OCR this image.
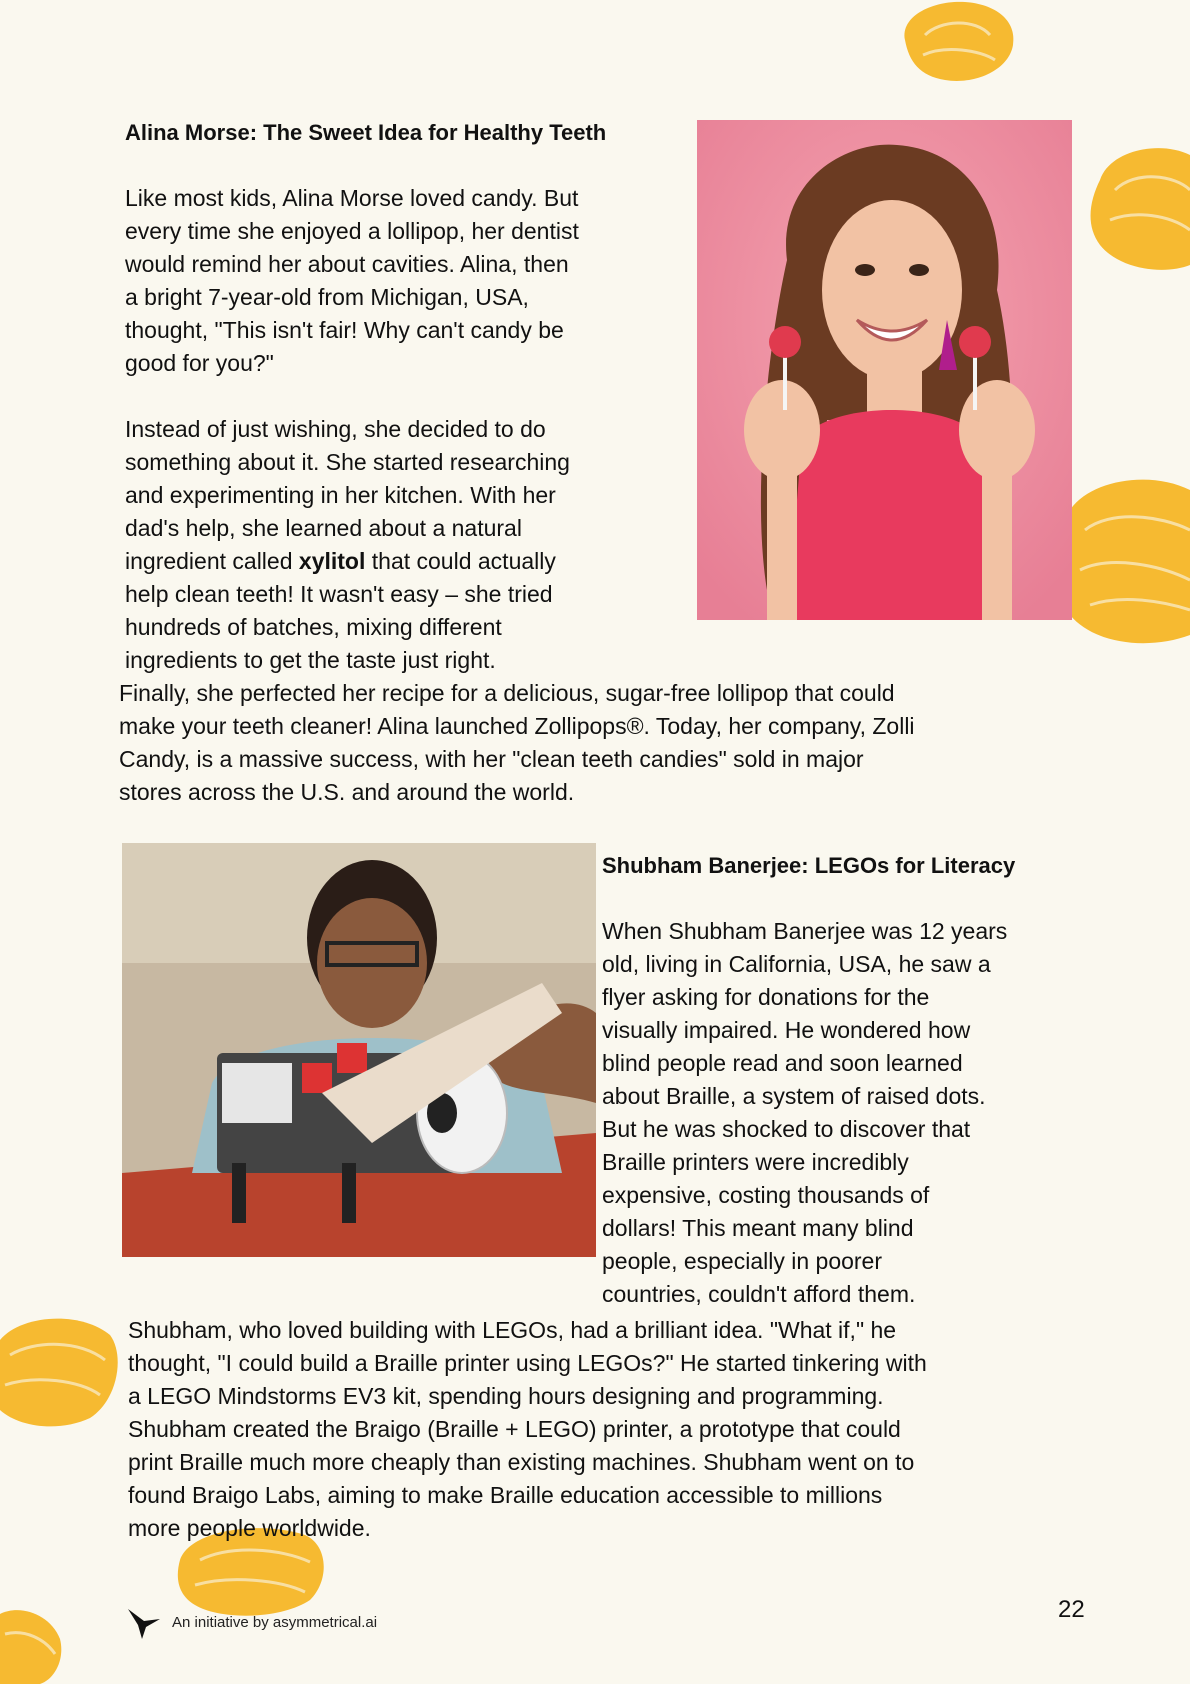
Alina Morse: The Sweet Idea for Healthy Teeth

Like most kids, Alina Morse loved candy. But

every time she enjoyed a lollipop, her dentist

would remind her about cavities. Alina, then

a bright 7-year-old from Michigan, USA,

thought, "This isn't fair! Why can't candy be

good for you?"

Instead of just wishing, she decided to do

something about it. She started researching

and experimenting in her kitchen. With her

dad's help, she learned about a natural

ingredient called xylitol that could actually

help clean teeth! It wasn't easy – she tried

hundreds of batches, mixing different

ingredients to get the taste just right.

Finally, she perfected her recipe for a delicious, sugar-free lollipop that could

make your teeth cleaner! Alina launched Zollipops®. Today, her company, Zolli

Candy, is a massive success, with her "clean teeth candies" sold in major

stores across the U.S. and around the world.

Shubham Banerjee: LEGOs for Literacy

When Shubham Banerjee was 12 years

old, living in California, USA, he saw a

flyer asking for donations for the

visually impaired. He wondered how

blind people read and soon learned

about Braille, a system of raised dots.

But he was shocked to discover that

Braille printers were incredibly

expensive, costing thousands of

dollars! This meant many blind

people, especially in poorer

countries, couldn't afford them.

Shubham, who loved building with LEGOs, had a brilliant idea. "What if," he

thought, "I could build a Braille printer using LEGOs?" He started tinkering with

a LEGO Mindstorms EV3 kit, spending hours designing and programming.

Shubham created the Braigo (Braille + LEGO) printer, a prototype that could

print Braille much more cheaply than existing machines. Shubham went on to

found Braigo Labs, aiming to make Braille education accessible to millions

more people worldwide.

An initiative by asymmetrical.ai	22
